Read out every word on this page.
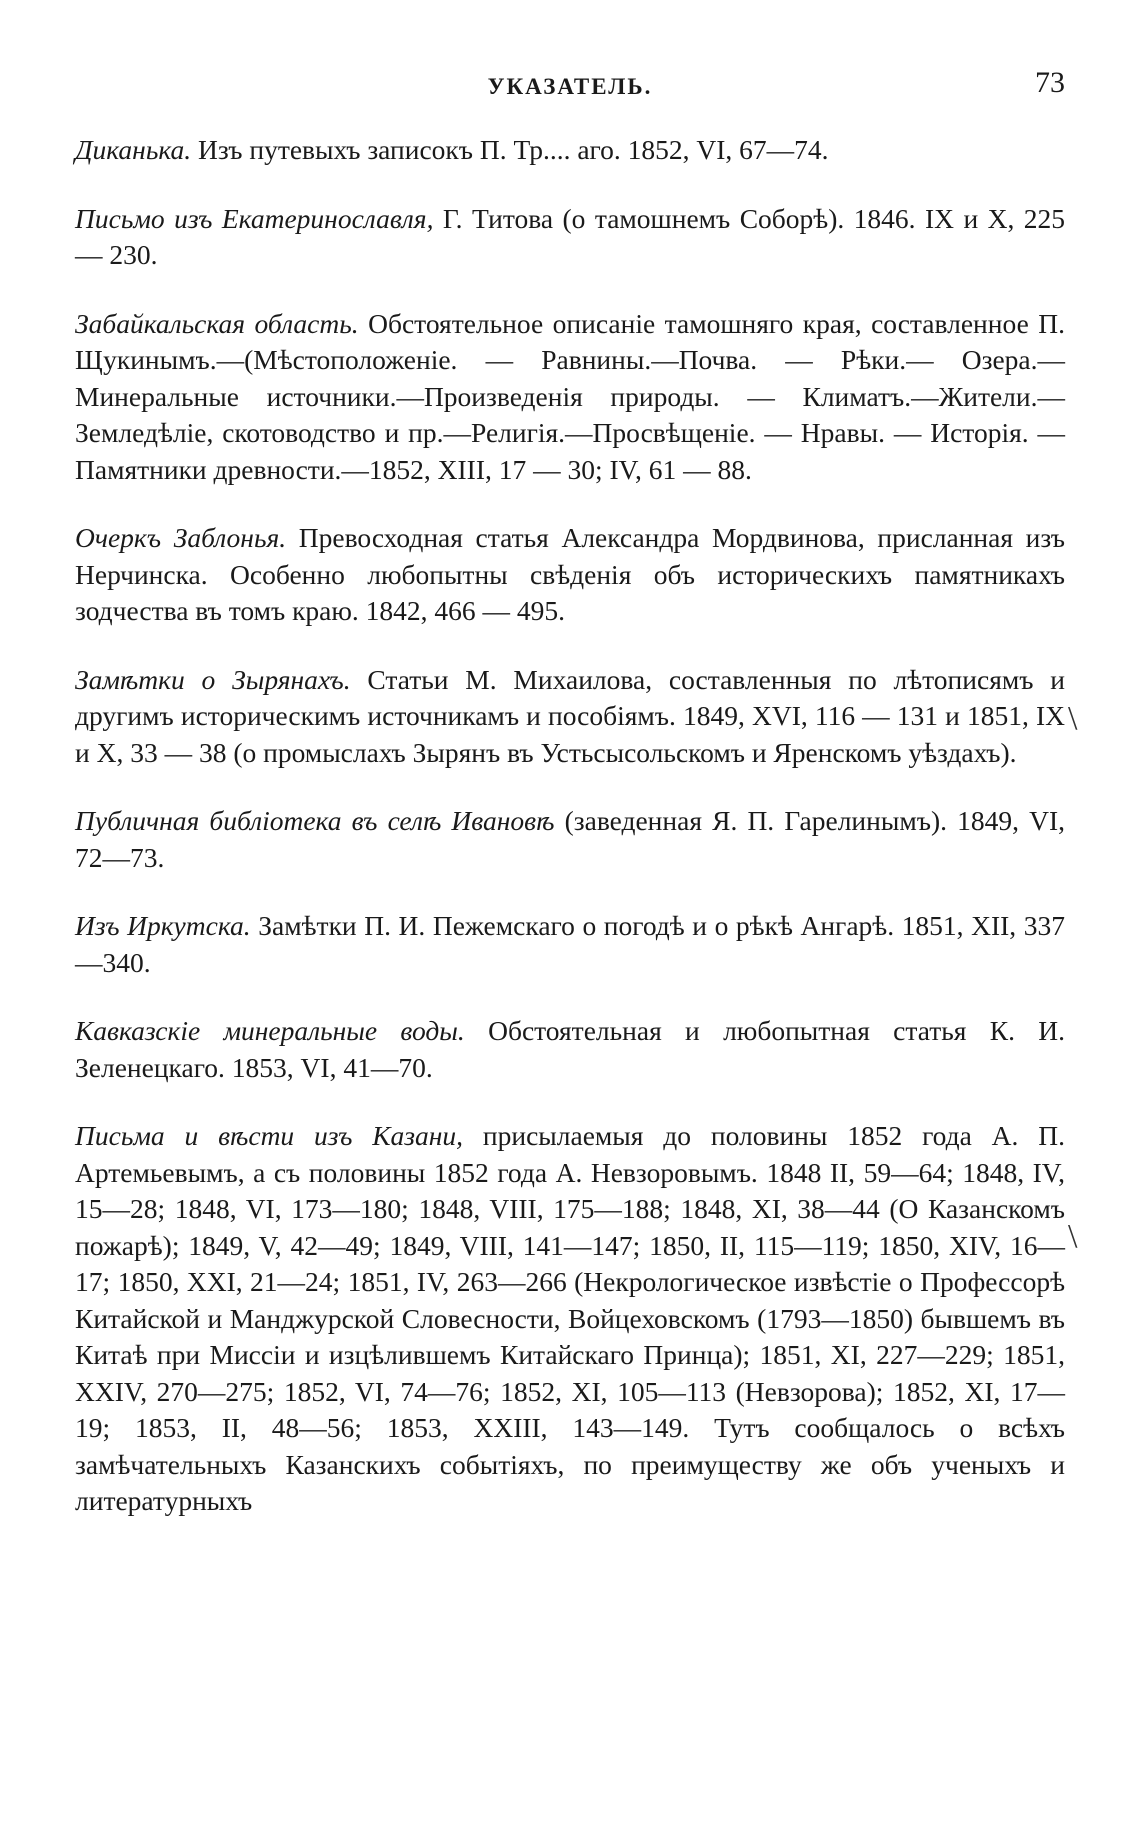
УКАЗАТЕЛЬ.	73

Диканька. Изъ путевыхъ записокъ П. Тр.... аго. 1852, VI, 67—74.

Письмо изъ Екатеринославля, Г. Титова (о тамошнемъ Соборѣ). 1846. IX и X, 225 — 230.

Забайкальская область. Обстоятельное описаніе тамошняго края, составленное П. Щукинымъ.—(Мѣстоположеніе. — Равнины.—Почва. — Рѣки.— Озера.—Минеральные источники.—Произведенія природы. — Климатъ.—Жители.—Земледѣліе, скотоводство и пр.—Религія.—Просвѣщеніе. — Нравы. — Исторія. —Памятники древности.—1852, XIII, 17 — 30; IV, 61 — 88.

Очеркъ Заблонья. Превосходная статья Александра Мордвинова, присланная изъ Нерчинска. Особенно любопытны свѣденія объ историческихъ памятникахъ зодчества въ томъ краю. 1842, 466 — 495.

Замѣтки о Зырянахъ. Статьи М. Михаилова, составленныя по лѣтописямъ и другимъ историческимъ источникамъ и пособіямъ. 1849, XVI, 116 — 131 и 1851, IX и X, 33 — 38 (о промыслахъ Зырянъ въ Устьсысольскомъ и Яренскомъ уѣздахъ).

Публичная библіотека въ селѣ Ивановѣ (заведенная Я. П. Гарелинымъ). 1849, VI, 72—73.

Изъ Иркутска. Замѣтки П. И. Пежемскаго о погодѣ и о рѣкѣ Ангарѣ. 1851, XII, 337—340.

Кавказскіе минеральные воды. Обстоятельная и любопытная статья К. И. Зеленецкаго. 1853, VI, 41—70.

Письма и вѣсти изъ Казани, присылаемыя до половины 1852 года А. П. Артемьевымъ, а съ половины 1852 года А. Невзоровымъ. 1848 II, 59—64; 1848, IV, 15—28; 1848, VI, 173—180; 1848, VIII, 175—188; 1848, XI, 38—44 (О Казанскомъ пожарѣ); 1849, V, 42—49; 1849, VIII, 141—147; 1850, II, 115—119; 1850, XIV, 16—17; 1850, XXI, 21—24; 1851, IV, 263—266 (Некрологическое извѣстіе о Профессорѣ Китайской и Манджурской Словесности, Войцеховскомъ (1793—1850) бывшемъ въ Китаѣ при Миссіи и изцѣлившемъ Китайскаго Принца); 1851, XI, 227—229; 1851, XXIV, 270—275; 1852, VI, 74—76; 1852, XI, 105—113 (Невзорова); 1852, XI, 17—19; 1853, II, 48—56; 1853, XXIII, 143—149. Тутъ сообщалось о всѣхъ замѣчательныхъ Казанскихъ событіяхъ, по преимуществу же объ ученыхъ и литературныхъ

\
\
